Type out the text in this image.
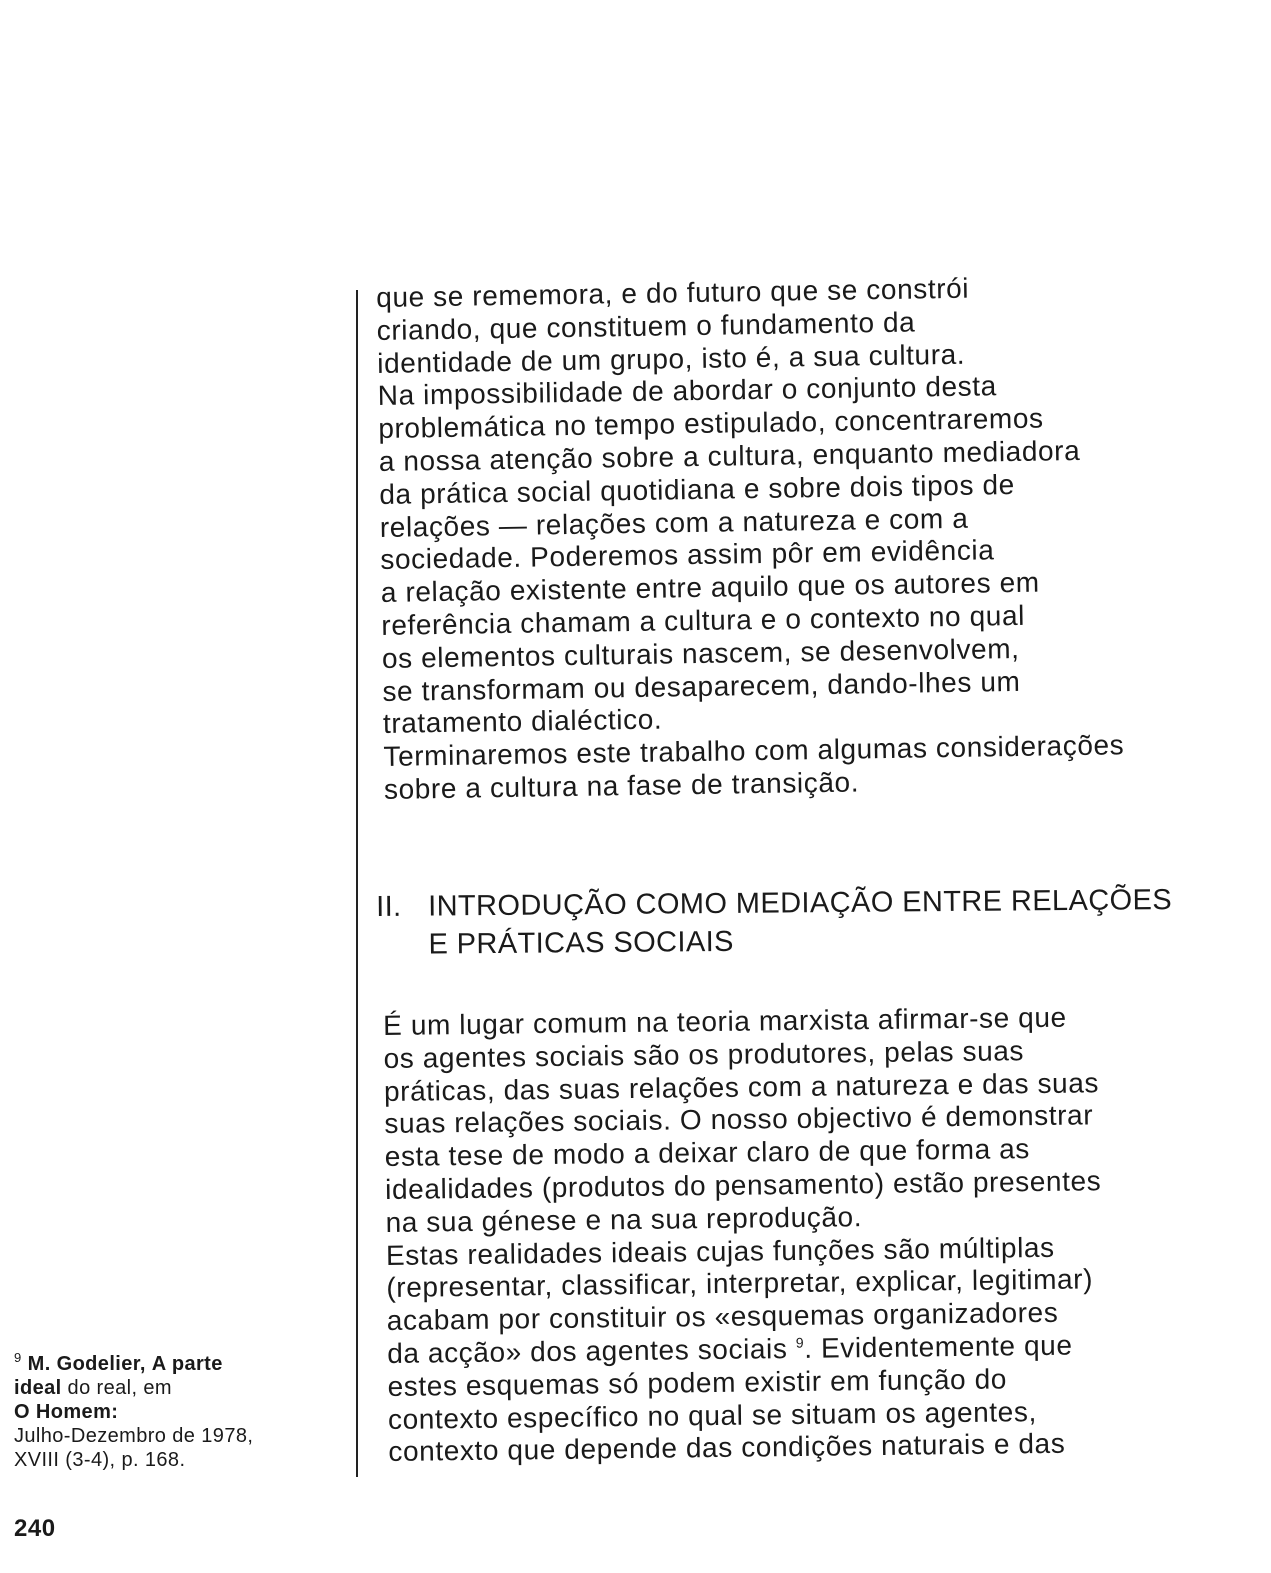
que se rememora, e do futuro que se constrói
criando, que constituem o fundamento da
identidade de um grupo, isto é, a sua cultura.
Na impossibilidade de abordar o conjunto desta
problemática no tempo estipulado, concentraremos
a nossa atenção sobre a cultura, enquanto mediadora
da prática social quotidiana e sobre dois tipos de
relações — relações com a natureza e com a
sociedade. Poderemos assim pôr em evidência
a relação existente entre aquilo que os autores em
referência chamam a cultura e o contexto no qual
os elementos culturais nascem, se desenvolvem,
se transformam ou desaparecem, dando-lhes um
tratamento dialéctico.
Terminaremos este trabalho com algumas considerações
sobre a cultura na fase de transição.
II. INTRODUÇÃO COMO MEDIAÇÃO ENTRE RELAÇÕES
E PRÁTICAS SOCIAIS
É um lugar comum na teoria marxista afirmar-se que
os agentes sociais são os produtores, pelas suas
práticas, das suas relações com a natureza e das suas
suas relações sociais. O nosso objectivo é demonstrar
esta tese de modo a deixar claro de que forma as
idealidades (produtos do pensamento) estão presentes
na sua génese e na sua reprodução.
Estas realidades ideais cujas funções são múltiplas
(representar, classificar, interpretar, explicar, legitimar)
acabam por constituir os «esquemas organizadores
da acção» dos agentes sociais $^9$. Evidentemente que
estes esquemas só podem existir em função do
contexto específico no qual se situam os agentes,
contexto que depende das condições naturais e das
$^9$ M. Godelier, A parte
ideal do real, em
O Homem:
Julho-Dezembro de 1978,
XVIII (3-4), p. 168.
240
